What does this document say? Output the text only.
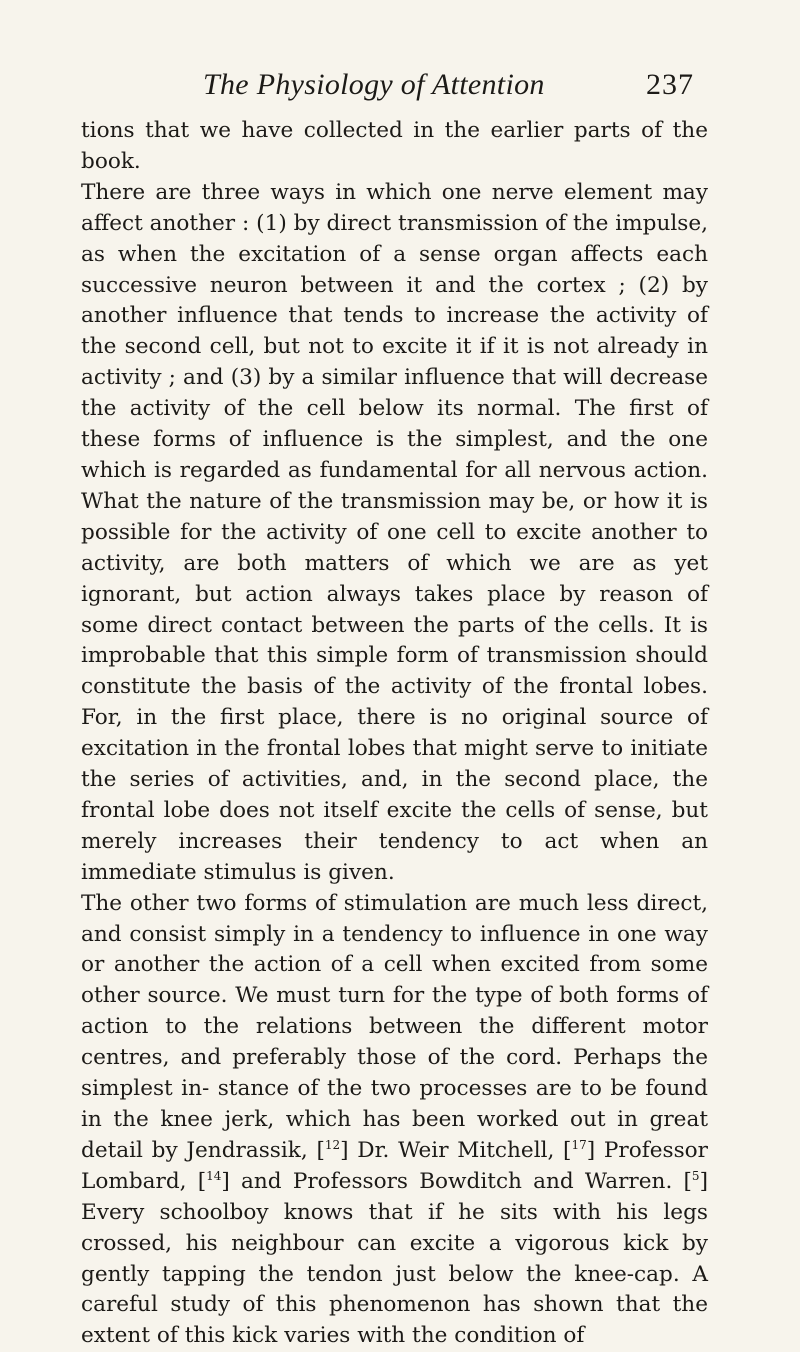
The Physiology of Attention	237

tions that we have collected in the earlier parts of the book.

There are three ways in which one nerve element may affect another : (1) by direct transmission of the impulse, as when the excitation of a sense organ affects each successive neuron between it and the cortex ; (2) by another influence that tends to increase the activity of the second cell, but not to excite it if it is not already in activity ; and (3) by a similar influence that will decrease the activity of the cell below its normal. The first of these forms of influence is the simplest, and the one which is regarded as fundamental for all nervous action. What the nature of the transmission may be, or how it is possible for the activity of one cell to excite another to activity, are both matters of which we are as yet ignorant, but action always takes place by reason of some direct contact between the parts of the cells. It is improbable that this simple form of transmission should constitute the basis of the activity of the frontal lobes. For, in the first place, there is no original source of excitation in the frontal lobes that might serve to initiate the series of activities, and, in the second place, the frontal lobe does not itself excite the cells of sense, but merely increases their tendency to act when an immediate stimulus is given.

The other two forms of stimulation are much less direct, and consist simply in a tendency to influence in one way or another the action of a cell when excited from some other source. We must turn for the type of both forms of action to the relations between the different motor centres, and preferably those of the cord. Perhaps the simplest in- stance of the two processes are to be found in the knee jerk, which has been worked out in great detail by Jendrassik, [$^{12}$] Dr. Weir Mitchell, [$^{17}$] Professor Lombard, [$^{14}$] and Professors Bowditch and Warren. [$^5$] Every schoolboy knows that if he sits with his legs crossed, his neighbour can excite a vigorous kick by gently tapping the tendon just below the knee-cap. A careful study of this phenomenon has shown that the extent of this kick varies with the condition of
